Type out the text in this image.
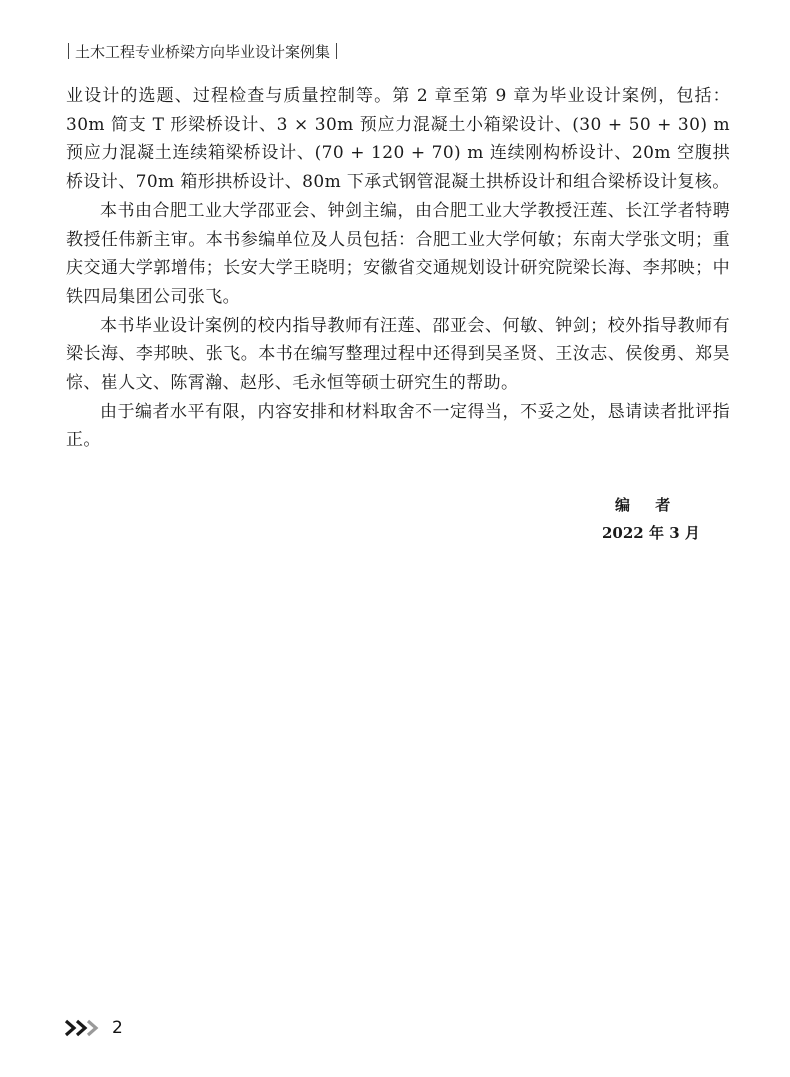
土木工程专业桥梁方向毕业设计案例集

业设计的选题、过程检查与质量控制等。第 2 章至第 9 章为毕业设计案例，包括：30m 简支 T 形梁桥设计、3 × 30m 预应力混凝土小箱梁设计、(30 + 50 + 30) m 预应力混凝土连续箱梁桥设计、(70 + 120 + 70) m 连续刚构桥设计、20m 空腹拱桥设计、70m 箱形拱桥设计、80m 下承式钢管混凝土拱桥设计和组合梁桥设计复核。

本书由合肥工业大学邵亚会、钟剑主编，由合肥工业大学教授汪莲、长江学者特聘教授任伟新主审。本书参编单位及人员包括：合肥工业大学何敏；东南大学张文明；重庆交通大学郭增伟；长安大学王晓明；安徽省交通规划设计研究院梁长海、李邦映；中铁四局集团公司张飞。

本书毕业设计案例的校内指导教师有汪莲、邵亚会、何敏、钟剑；校外指导教师有梁长海、李邦映、张飞。本书在编写整理过程中还得到吴圣贤、王汝志、侯俊勇、郑昊悰、崔人文、陈霄瀚、赵彤、毛永恒等硕士研究生的帮助。

由于编者水平有限，内容安排和材料取舍不一定得当，不妥之处，恳请读者批评指正。

编 者
2022 年 3 月
2
